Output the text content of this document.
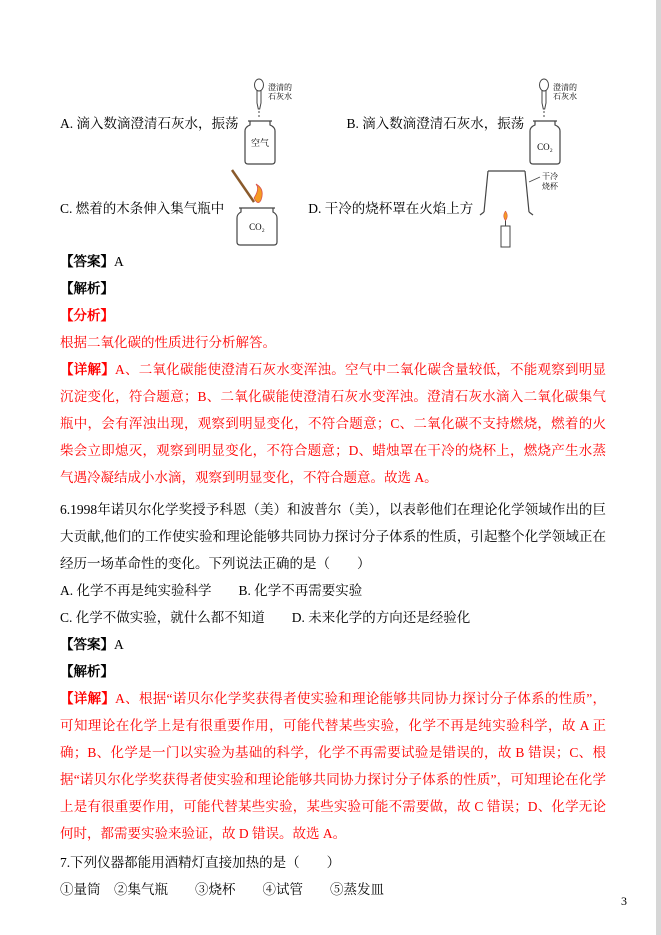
A. 滴入数滴澄清石灰水，振荡
澄清的
石灰水
空气
B. 滴入数滴澄清石灰水，振荡
澄清的
石灰水
CO₂
C. 燃着的木条伸入集气瓶中
CO₂
D. 干冷的烧杯罩在火焰上方
干冷
烧杯

【答案】A

【解析】

【分析】

根据二氧化碳的性质进行分析解答。

【详解】A、二氧化碳能使澄清石灰水变浑浊。空气中二氧化碳含量较低，不能观察到明显沉淀变化，符合题意；B、二氧化碳能使澄清石灰水变浑浊。澄清石灰水滴入二氧化碳集气瓶中，会有浑浊出现，观察到明显变化，不符合题意；C、二氧化碳不支持燃烧，燃着的火柴会立即熄灭，观察到明显变化，不符合题意；D、蜡烛罩在干冷的烧杯上，燃烧产生水蒸气遇冷凝结成小水滴，观察到明显变化，不符合题意。故选 A。

6.1998年诺贝尔化学奖授予科恩（美）和波普尔（美），以表彰他们在理论化学领域作出的巨大贡献,他们的工作使实验和理论能够共同协力探讨分子体系的性质，引起整个化学领域正在经历一场革命性的变化。下列说法正确的是（　　）

A. 化学不再是纯实验科学　　B. 化学不再需要实验

C. 化学不做实验，就什么都不知道　　D. 未来化学的方向还是经验化

【答案】A

【解析】

【详解】A、根据“诺贝尔化学奖获得者使实验和理论能够共同协力探讨分子体系的性质”，可知理论在化学上是有很重要作用，可能代替某些实验，化学不再是纯实验科学，故 A 正确；B、化学是一门以实验为基础的科学，化学不再需要试验是错误的，故 B 错误；C、根据“诺贝尔化学奖获得者使实验和理论能够共同协力探讨分子体系的性质”，可知理论在化学上是有很重要作用，可能代替某些实验，某些实验可能不需要做，故 C 错误；D、化学无论何时，都需要实验来验证，故 D 错误。故选 A。

7.下列仪器都能用酒精灯直接加热的是（　　）

①量筒　②集气瓶　　③烧杯　　④试管　　⑤蒸发皿

3
